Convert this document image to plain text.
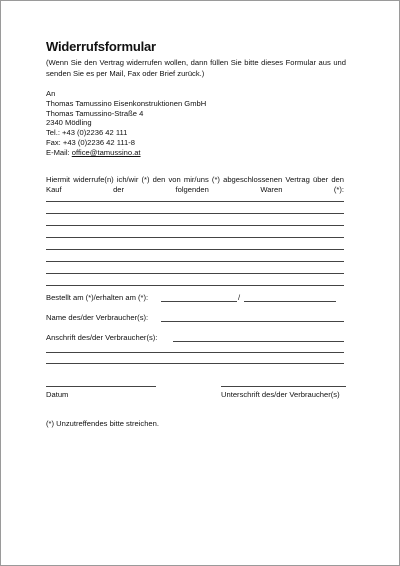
Widerrufsformular
(Wenn Sie den Vertrag widerrufen wollen, dann füllen Sie bitte dieses Formular aus und senden Sie es per Mail, Fax oder Brief zurück.)
An
Thomas Tamussino Eisenkonstruktionen GmbH
Thomas Tamussino-Straße 4
2340 Mödling
Tel.: +43 (0)2236 42 111
Fax: +43 (0)2236 42 111-8
E-Mail: office@tamussino.at
Hiermit widerrufe(n) ich/wir (*) den von mir/uns (*) abgeschlossenen Vertrag über den Kauf der folgenden Waren (*):
Bestellt am (*)/erhalten am (*):	/
Name des/der Verbraucher(s):
Anschrift des/der Verbraucher(s):
Datum	Unterschrift des/der Verbraucher(s)
(*) Unzutreffendes bitte streichen.
